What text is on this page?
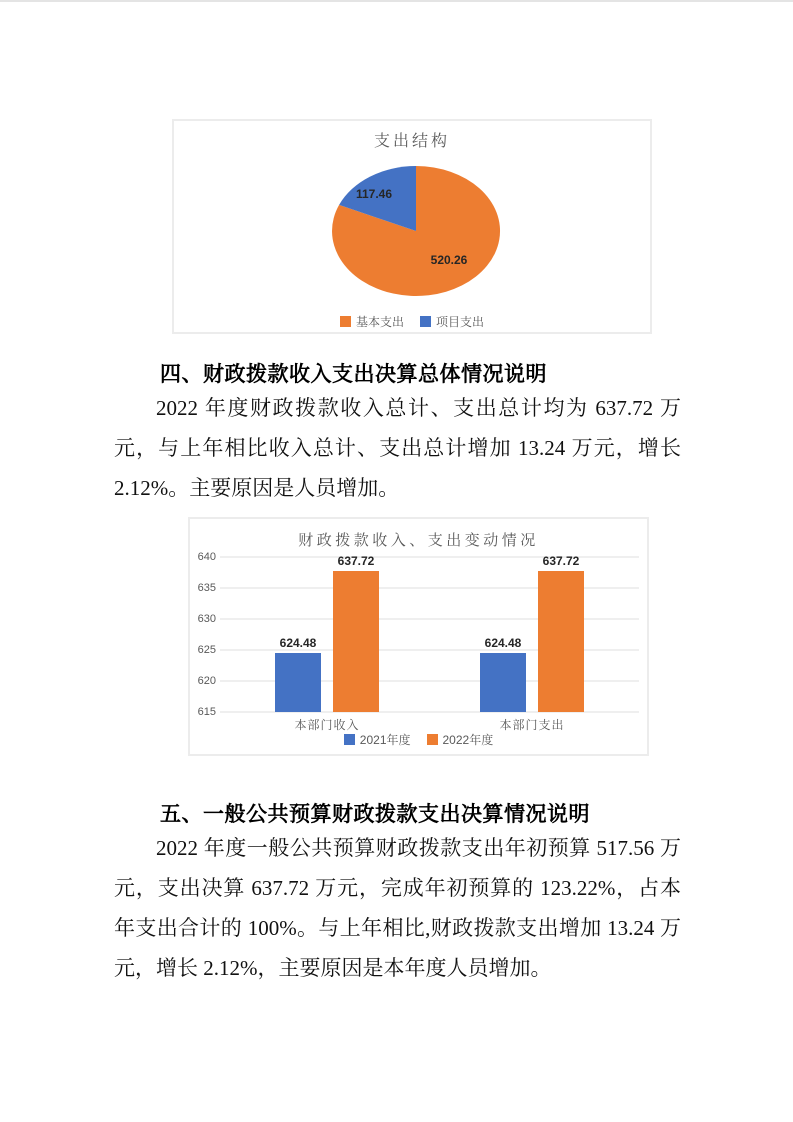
支出结构
520.26
117.46
基本支出	项目支出
四、财政拨款收入支出决算总体情况说明
2022 年度财政拨款收入总计、支出总计均为 637.72 万元，与上年相比收入总计、支出总计增加 13.24 万元，增长 2.12%。主要原因是人员增加。
财政拨款收入、支出变动情况
615
620
625
630
635
640
本部门收入	本部门支出
2021年度	2022年度
624.48
637.72
624.48
637.72
五、一般公共预算财政拨款支出决算情况说明
2022 年度一般公共预算财政拨款支出年初预算 517.56 万元，支出决算 637.72 万元，完成年初预算的 123.22%，占本年支出合计的 100%。与上年相比,财政拨款支出增加 13.24 万元，增长 2.12%，主要原因是本年度人员增加。
